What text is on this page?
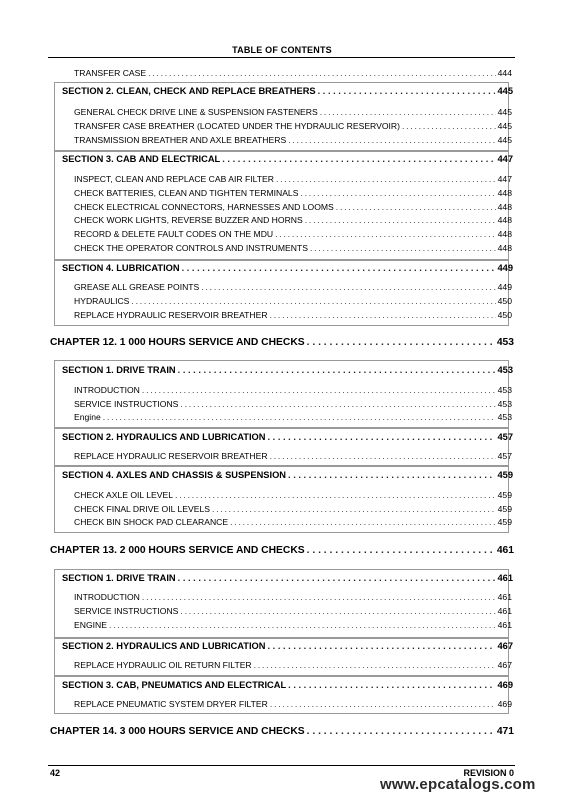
TABLE OF CONTENTS
TRANSFER CASE . . .	444
SECTION 2. CLEAN, CHECK AND REPLACE BREATHERS . . .	445
GENERAL CHECK DRIVE LINE & SUSPENSION FASTENERS . . .	445
TRANSFER CASE BREATHER (LOCATED UNDER THE HYDRAULIC RESERVOIR) . . .	445
TRANSMISSION BREATHER AND AXLE BREATHERS . . .	445
SECTION 3. CAB AND ELECTRICAL . . .	447
INSPECT, CLEAN AND REPLACE CAB AIR FILTER . . .	447
CHECK BATTERIES, CLEAN AND TIGHTEN TERMINALS . . .	448
CHECK ELECTRICAL CONNECTORS, HARNESSES AND LOOMS . . .	448
CHECK WORK LIGHTS, REVERSE BUZZER AND HORNS . . .	448
RECORD & DELETE FAULT CODES ON THE MDU . . .	448
CHECK THE OPERATOR CONTROLS AND INSTRUMENTS . . .	448
SECTION 4. LUBRICATION . . .	449
GREASE ALL GREASE POINTS . . .	449
HYDRAULICS . . .	450
REPLACE HYDRAULIC RESERVOIR BREATHER . . .	450
CHAPTER 12. 1 000 HOURS SERVICE AND CHECKS . . .	453
SECTION 1. DRIVE TRAIN . . .	453
INTRODUCTION . . .	453
SERVICE INSTRUCTIONS . . .	453
Engine . . .	453
SECTION 2. HYDRAULICS AND LUBRICATION . . .	457
REPLACE HYDRAULIC RESERVOIR BREATHER . . .	457
SECTION 4. AXLES AND CHASSIS & SUSPENSION . . .	459
CHECK AXLE OIL LEVEL . . .	459
CHECK FINAL DRIVE OIL LEVELS . . .	459
CHECK BIN SHOCK PAD CLEARANCE . . .	459
CHAPTER 13. 2 000 HOURS SERVICE AND CHECKS . . .	461
SECTION 1. DRIVE TRAIN . . .	461
INTRODUCTION . . .	461
SERVICE INSTRUCTIONS . . .	461
ENGINE . . .	461
SECTION 2. HYDRAULICS AND LUBRICATION . . .	467
REPLACE HYDRAULIC OIL RETURN FILTER . . .	467
SECTION 3. CAB, PNEUMATICS AND ELECTRICAL . . .	469
REPLACE PNEUMATIC SYSTEM DRYER FILTER . . .	469
CHAPTER 14. 3 000 HOURS SERVICE AND CHECKS . . .	471
42	REVISION 0
www.epcatalogs.com
